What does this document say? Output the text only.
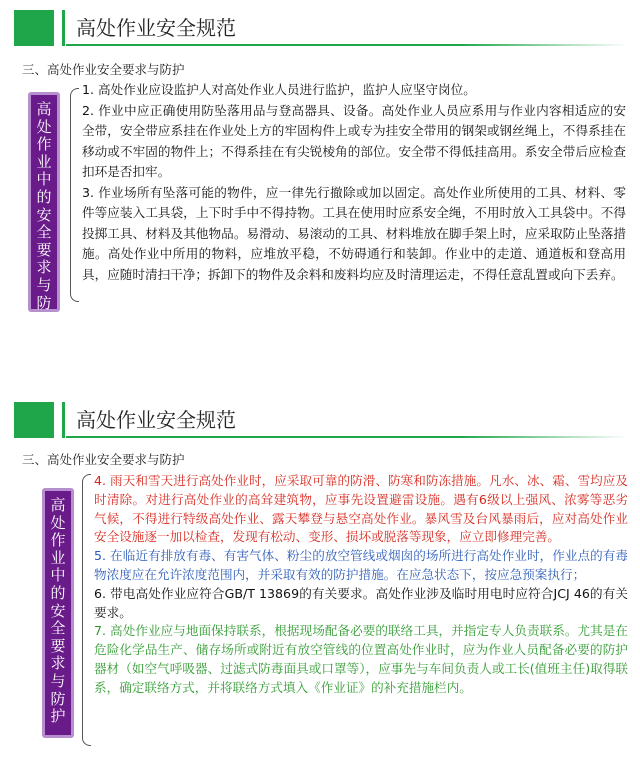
高处作业安全规范
三、高处作业安全要求与防护
高处作业中的安全要求与防护

1. 高处作业应设监护人对高处作业人员进行监护，监护人应坚守岗位。

2. 作业中应正确使用防坠落用品与登高器具、设备。高处作业人员应系用与作业内容相适应的安全带，安全带应系挂在作业处上方的牢固构件上或专为挂安全带用的钢架或钢丝绳上，不得系挂在移动或不牢固的物件上；不得系挂在有尖锐棱角的部位。安全带不得低挂高用。系安全带后应检查扣环是否扣牢。

3. 作业场所有坠落可能的物件，应一律先行撤除或加以固定。高处作业所使用的工具、材料、零件等应装入工具袋，上下时手中不得持物。工具在使用时应系安全绳，不用时放入工具袋中。不得投掷工具、材料及其他物品。易滑动、易滚动的工具、材料堆放在脚手架上时，应采取防止坠落措施。高处作业中所用的物料，应堆放平稳，不妨碍通行和装卸。作业中的走道、通道板和登高用具，应随时清扫干净；拆卸下的物件及余料和废料均应及时清理运走，不得任意乱置或向下丢弃。

高处作业安全规范
三、高处作业安全要求与防护
高处作业中的安全要求与防护

4. 雨天和雪天进行高处作业时，应采取可靠的防滑、防寒和防冻措施。凡水、冰、霜、雪均应及时清除。对进行高处作业的高耸建筑物，应事先设置避雷设施。遇有6级以上强风、浓雾等恶劣气候，不得进行特级高处作业、露天攀登与悬空高处作业。暴风雪及台风暴雨后，应对高处作业安全设施逐一加以检查，发现有松动、变形、损坏或脱落等现象，应立即修理完善。

5. 在临近有排放有毒、有害气体、粉尘的放空管线或烟囱的场所进行高处作业时，作业点的有毒物浓度应在允许浓度范围内，并采取有效的防护措施。在应急状态下，按应急预案执行；

6. 带电高处作业应符合GB/T 13869的有关要求。高处作业涉及临时用电时应符合JCJ 46的有关要求。

7. 高处作业应与地面保持联系，根据现场配备必要的联络工具，并指定专人负责联系。尤其是在危险化学品生产、储存场所或附近有放空管线的位置高处作业时，应为作业人员配备必要的防护器材（如空气呼吸器、过滤式防毒面具或口罩等），应事先与车间负责人或工长(值班主任)取得联系，确定联络方式，并将联络方式填入《作业证》的补充措施栏内。
